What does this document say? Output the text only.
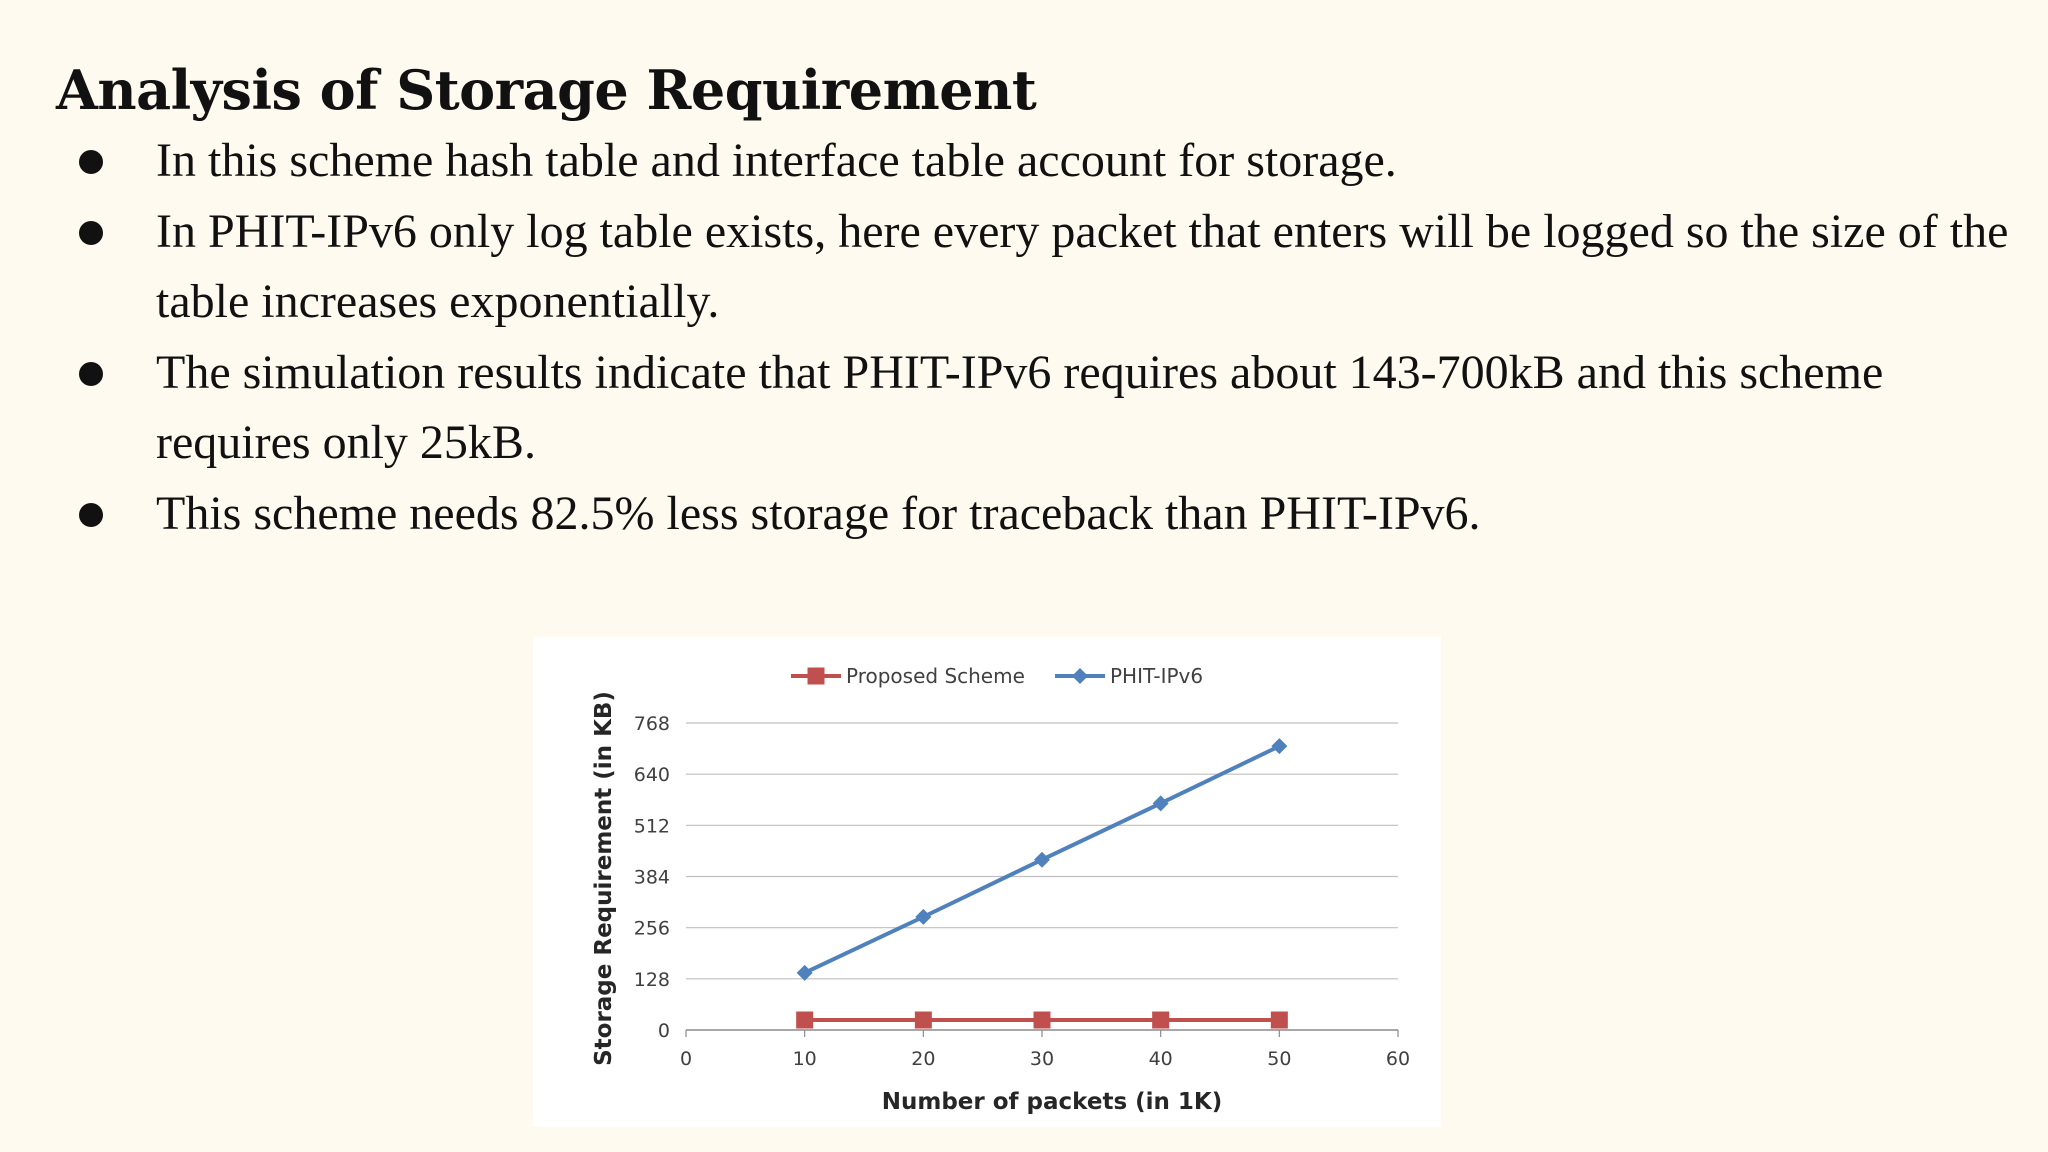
Analysis of Storage Requirement
In this scheme hash table and interface table account for storage.
In PHIT-IPv6 only log table exists, here every packet that enters will be logged so the size of the table increases exponentially.
The simulation results indicate that PHIT-IPv6 requires about 143-700kB and this scheme requires only 25kB.
This scheme needs 82.5% less storage for traceback than PHIT-IPv6.
0
128
256
384
512
640
768
0	10	20	30	40	50	60
Number of packets (in 1K)
Storage Requirement (in KB)
Proposed Scheme	PHIT-IPv6
